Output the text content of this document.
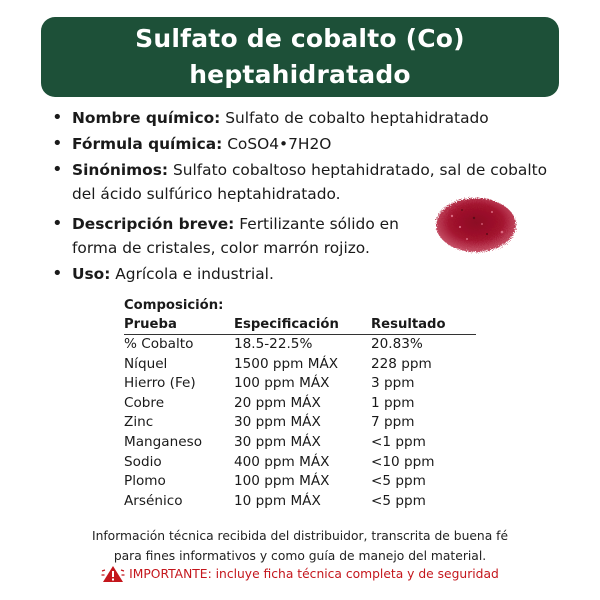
Sulfato de cobalto (Co)
heptahidratado
• Nombre químico: Sulfato de cobalto heptahidratado
• Fórmula química: CoSO4•7H2O
• Sinónimos: Sulfato cobaltoso heptahidratado, sal de cobalto del ácido sulfúrico heptahidratado.
• Descripción breve: Fertilizante sólido en forma de cristales, color marrón rojizo.
• Uso: Agrícola e industrial.
Composición:
Prueba	Especificación	Resultado
% Cobalto	18.5-22.5%	20.83%
Níquel	1500 ppm MÁX	228 ppm
Hierro (Fe)	100 ppm MÁX	3 ppm
Cobre	20 ppm MÁX	1 ppm
Zinc	30 ppm MÁX	7 ppm
Manganeso	30 ppm MÁX	<1 ppm
Sodio	400 ppm MÁX	<10 ppm
Plomo	100 ppm MÁX	<5 ppm
Arsénico	10 ppm MÁX	<5 ppm
Información técnica recibida del distribuidor, transcrita de buena fé
para fines informativos y como guía de manejo del material.
IMPORTANTE: incluye ficha técnica completa y de seguridad
